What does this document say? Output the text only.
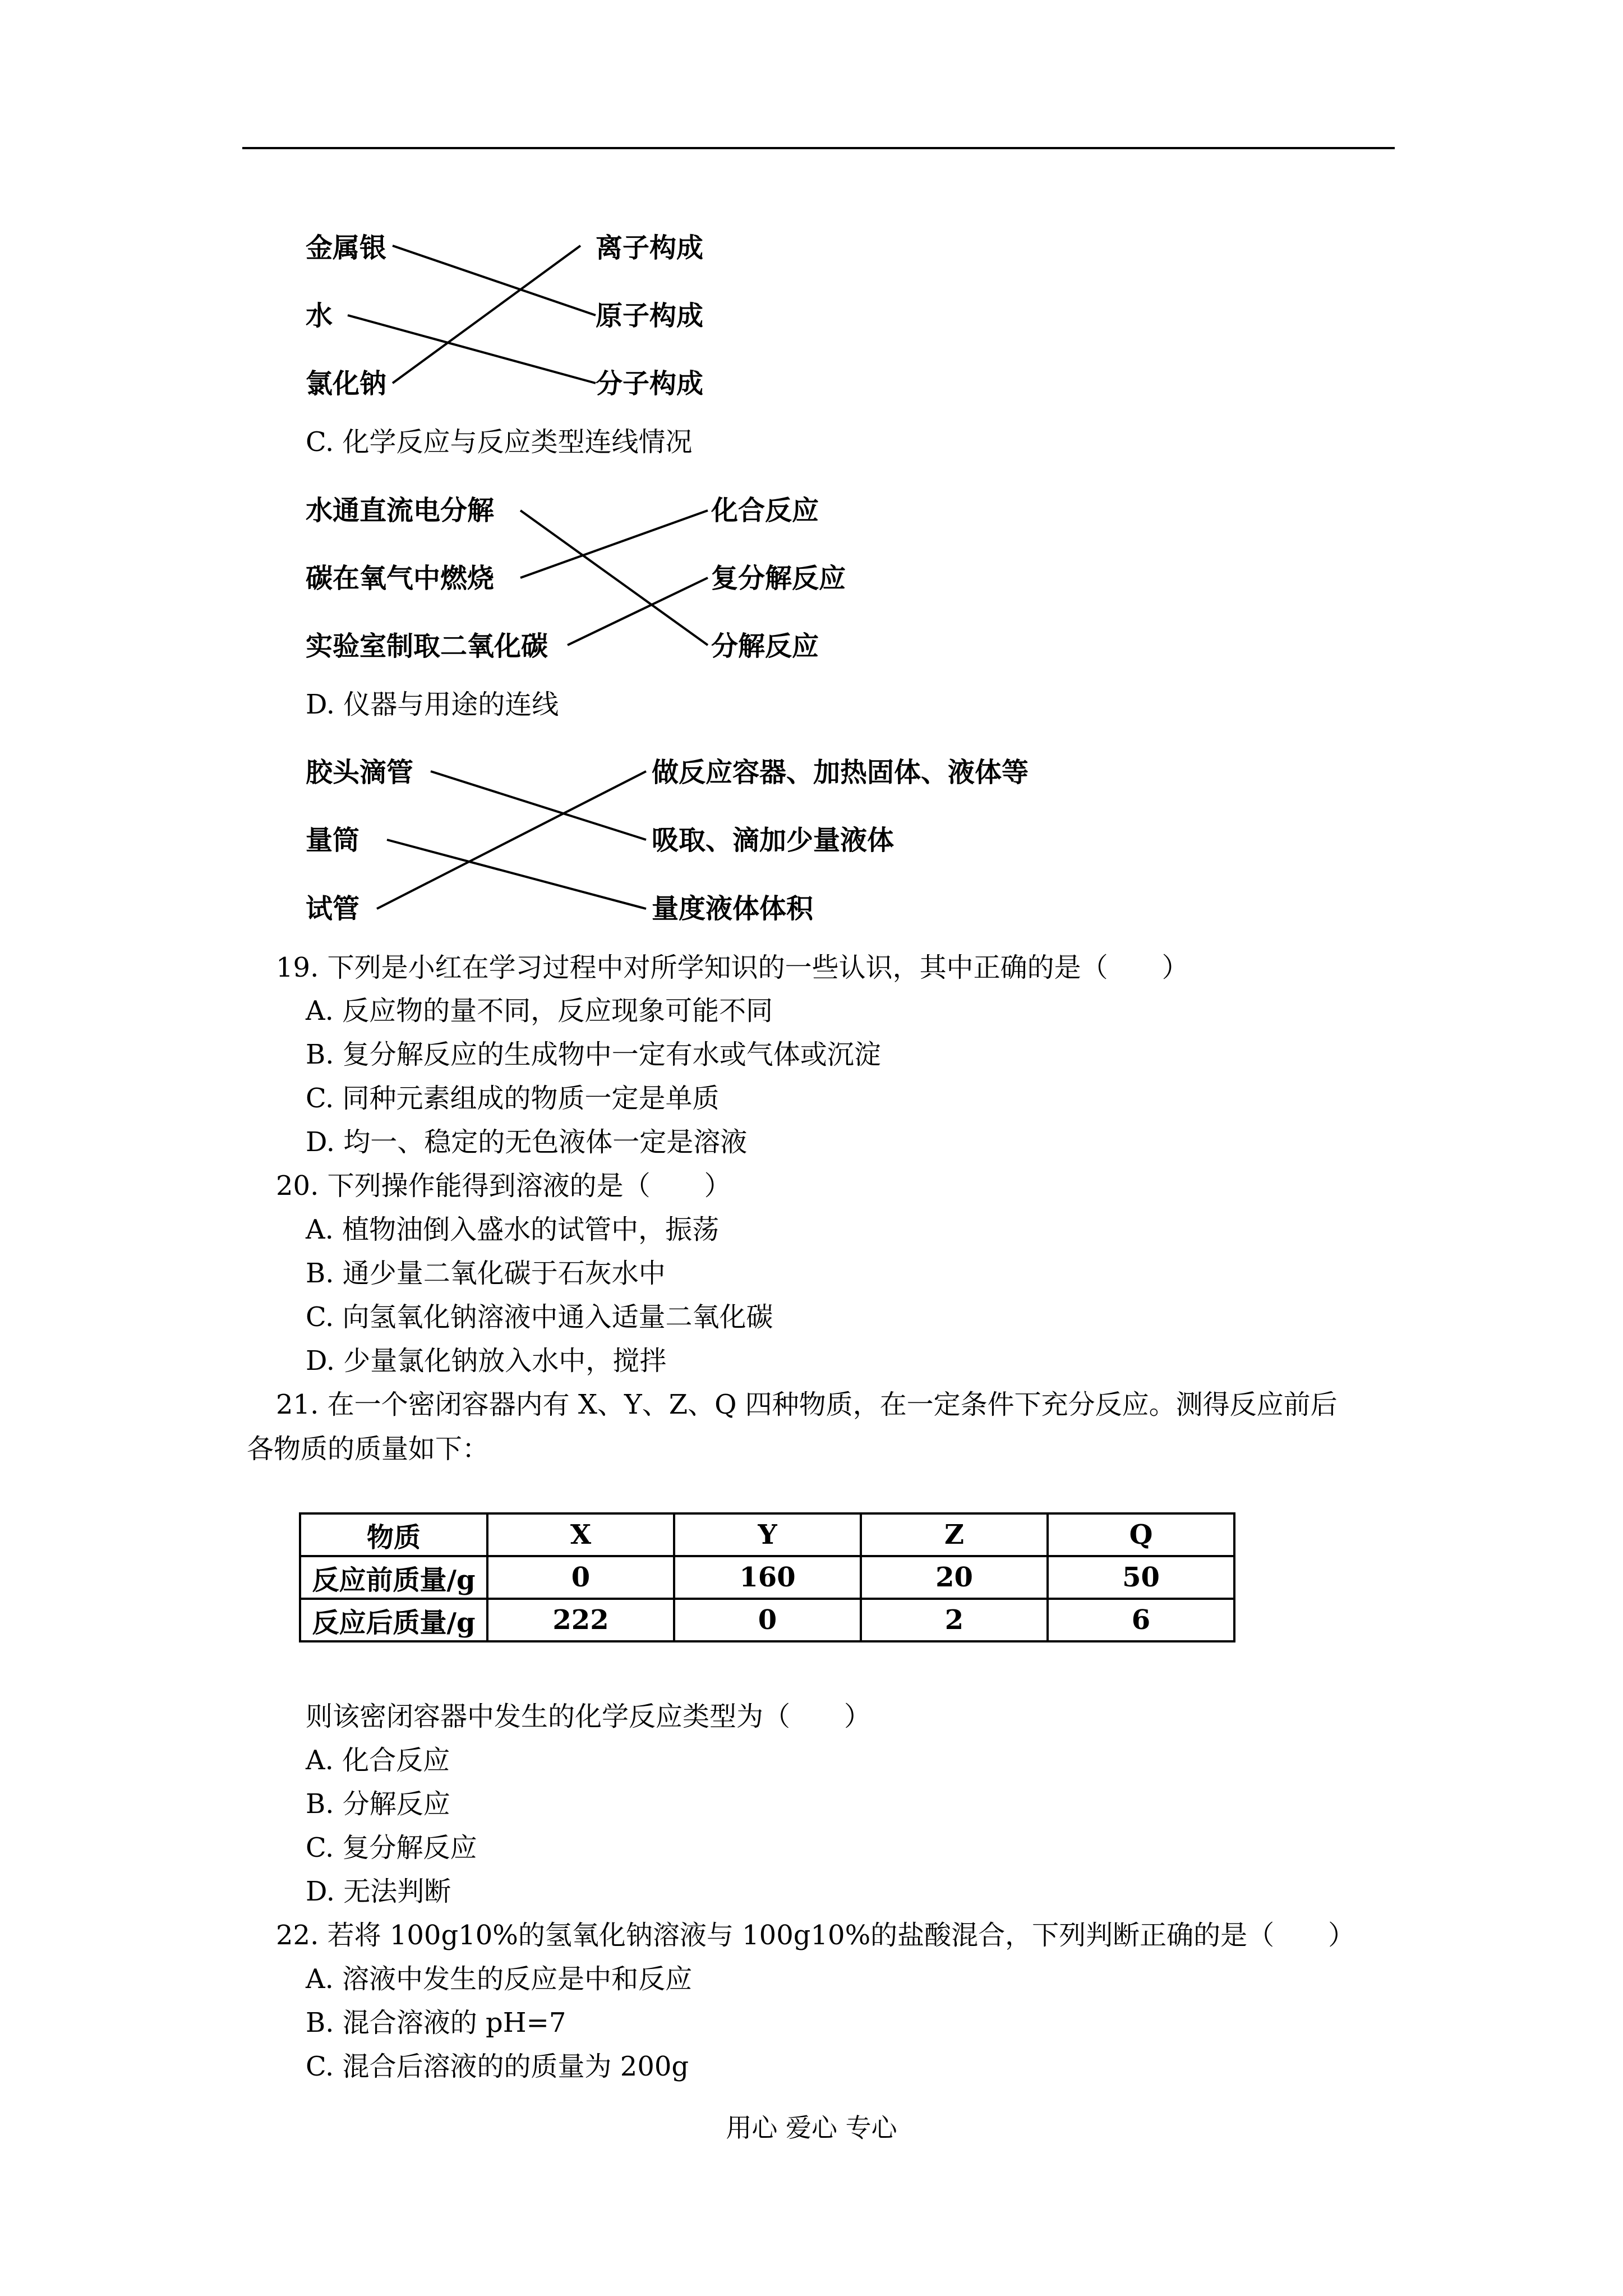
金属银
水
氯化钠
离子构成
原子构成
分子构成
C. 化学反应与反应类型连线情况
水通直流电分解
碳在氧气中燃烧
实验室制取二氧化碳
化合反应
复分解反应
分解反应
D. 仪器与用途的连线
胶头滴管
量筒
试管
做反应容器、加热固体、液体等
吸取、滴加少量液体
量度液体体积
19. 下列是小红在学习过程中对所学知识的一些认识，其中正确的是（　　）
A. 反应物的量不同，反应现象可能不同
B. 复分解反应的生成物中一定有水或气体或沉淀
C. 同种元素组成的物质一定是单质
D. 均一、稳定的无色液体一定是溶液
20. 下列操作能得到溶液的是（　　）
A. 植物油倒入盛水的试管中，振荡
B. 通少量二氧化碳于石灰水中
C. 向氢氧化钠溶液中通入适量二氧化碳
D. 少量氯化钠放入水中，搅拌
21. 在一个密闭容器内有 X、Y、Z、Q 四种物质，在一定条件下充分反应。测得反应前后
各物质的质量如下：
物质	X	Y	Z	Q
反应前质量/g	0	160	20	50
反应后质量/g	222	0	2	6
则该密闭容器中发生的化学反应类型为（　　）
A. 化合反应
B. 分解反应
C. 复分解反应
D. 无法判断
22. 若将 100g10%的氢氧化钠溶液与 100g10%的盐酸混合，下列判断正确的是（　　）
A. 溶液中发生的反应是中和反应
B. 混合溶液的 pH=7
C. 混合后溶液的的质量为 200g
用心 爱心 专心
